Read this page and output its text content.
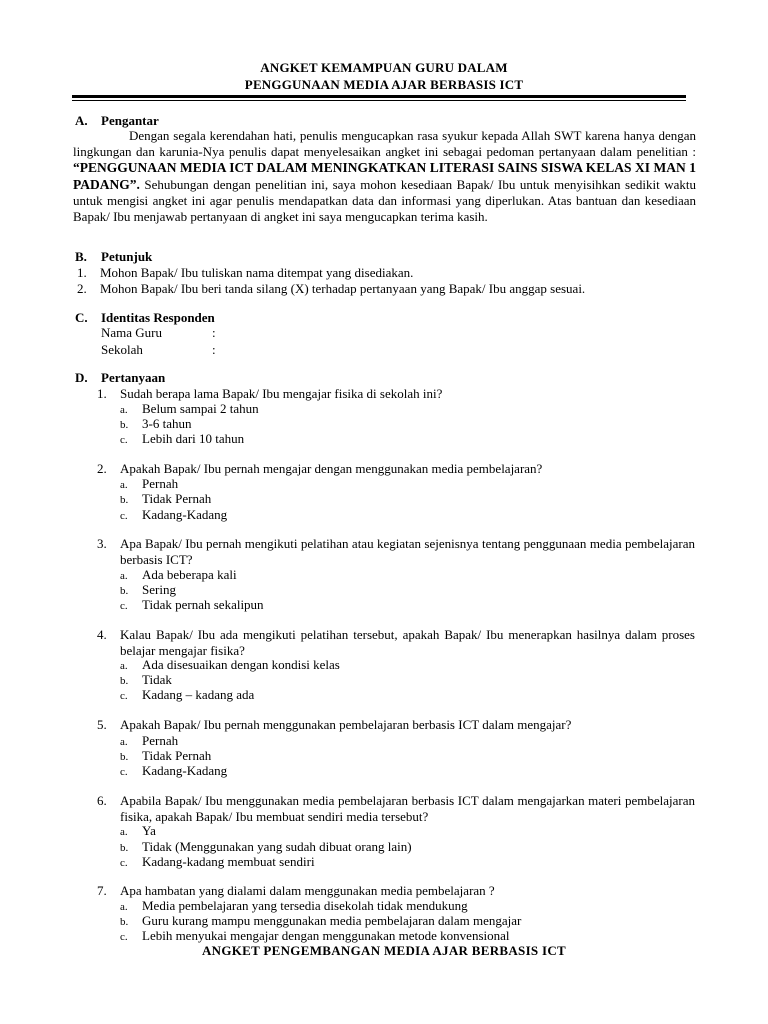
ANGKET KEMAMPUAN GURU DALAM
PENGGUNAAN MEDIA AJAR BERBASIS ICT
A. Pengantar
Dengan segala kerendahan hati, penulis mengucapkan rasa syukur kepada Allah SWT karena hanya dengan lingkungan dan karunia-Nya penulis dapat menyelesaikan angket ini sebagai pedoman pertanyaan dalam penelitian : “PENGGUNAAN MEDIA ICT DALAM MENINGKATKAN LITERASI SAINS SISWA KELAS XI MAN 1 PADANG”. Sehubungan dengan penelitian ini, saya mohon kesediaan Bapak/ Ibu untuk menyisihkan sedikit waktu untuk mengisi angket ini agar penulis mendapatkan data dan informasi yang diperlukan. Atas bantuan dan kesediaan Bapak/ Ibu menjawab pertanyaan di angket ini saya mengucapkan terima kasih.
B. Petunjuk
1. Mohon Bapak/ Ibu tuliskan nama ditempat yang disediakan.
2. Mohon Bapak/ Ibu beri tanda silang (X) terhadap pertanyaan yang Bapak/ Ibu anggap sesuai.
C. Identitas Responden
Nama Guru	:
Sekolah	:
D. Pertanyaan
1. Sudah berapa lama Bapak/ Ibu mengajar fisika di sekolah ini?
a. Belum sampai 2 tahun
b. 3-6 tahun
c. Lebih dari 10 tahun
2. Apakah Bapak/ Ibu pernah mengajar dengan menggunakan media pembelajaran?
a. Pernah
b. Tidak Pernah
c. Kadang-Kadang
3. Apa Bapak/ Ibu pernah mengikuti pelatihan atau kegiatan sejenisnya tentang penggunaan media pembelajaran berbasis ICT?
a. Ada beberapa kali
b. Sering
c. Tidak pernah sekalipun
4. Kalau Bapak/ Ibu ada mengikuti pelatihan tersebut, apakah Bapak/ Ibu menerapkan hasilnya dalam proses belajar mengajar fisika?
a. Ada disesuaikan dengan kondisi kelas
b. Tidak
c. Kadang – kadang ada
5. Apakah Bapak/ Ibu pernah menggunakan pembelajaran berbasis ICT dalam mengajar?
a. Pernah
b. Tidak Pernah
c. Kadang-Kadang
6. Apabila Bapak/ Ibu menggunakan media pembelajaran berbasis ICT dalam mengajarkan materi pembelajaran fisika, apakah Bapak/ Ibu membuat sendiri media tersebut?
a. Ya
b. Tidak (Menggunakan yang sudah dibuat orang lain)
c. Kadang-kadang membuat sendiri
7. Apa hambatan yang dialami dalam menggunakan media pembelajaran ?
a. Media pembelajaran yang tersedia disekolah tidak mendukung
b. Guru kurang mampu menggunakan media pembelajaran dalam mengajar
c. Lebih menyukai mengajar dengan menggunakan metode konvensional
ANGKET PENGEMBANGAN MEDIA AJAR BERBASIS ICT
